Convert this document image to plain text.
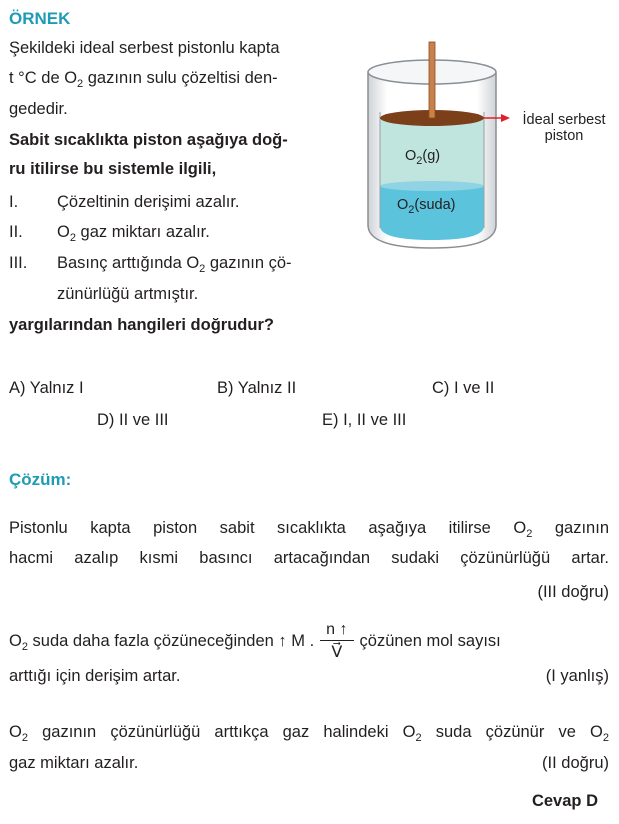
ÖRNEK
Şekildeki ideal serbest pistonlu kapta
t °C de $O_2$ gazının sulu çözeltisi den-
gededir.
Sabit sıcaklıkta piston aşağıya doğ-
ru itilirse bu sistemle ilgili,
I. Çözeltinin derişimi azalır.
II. $O_2$ gaz miktarı azalır.
III. Basınç arttığında $O_2$ gazının çö-
zünürlüğü artmıştır.
yargılarından hangileri doğrudur?
$O_2(g)$
$O_2(suda)$
İdeal serbest
piston
A) Yalnız I	B) Yalnız II	C) I ve II
D) II ve III	E) I, II ve III
Çözüm:
Pistonlu kapta piston sabit sıcaklıkta aşağıya itilirse $O_2$ gazının
hacmi azalıp kısmi basıncı artacağından sudaki çözünürlüğü artar.
(III doğru)
$O_2$ suda daha fazla çözüneceğinden ↑ M . $\frac{n ↑}{V⃗}$ çözünen mol sayısı
arttığı için derişim artar.	(I yanlış)
$O_2$ gazının çözünürlüğü arttıkça gaz halindeki $O_2$ suda çözünür ve $O_2$
gaz miktarı azalır.	(II doğru)
Cevap D
